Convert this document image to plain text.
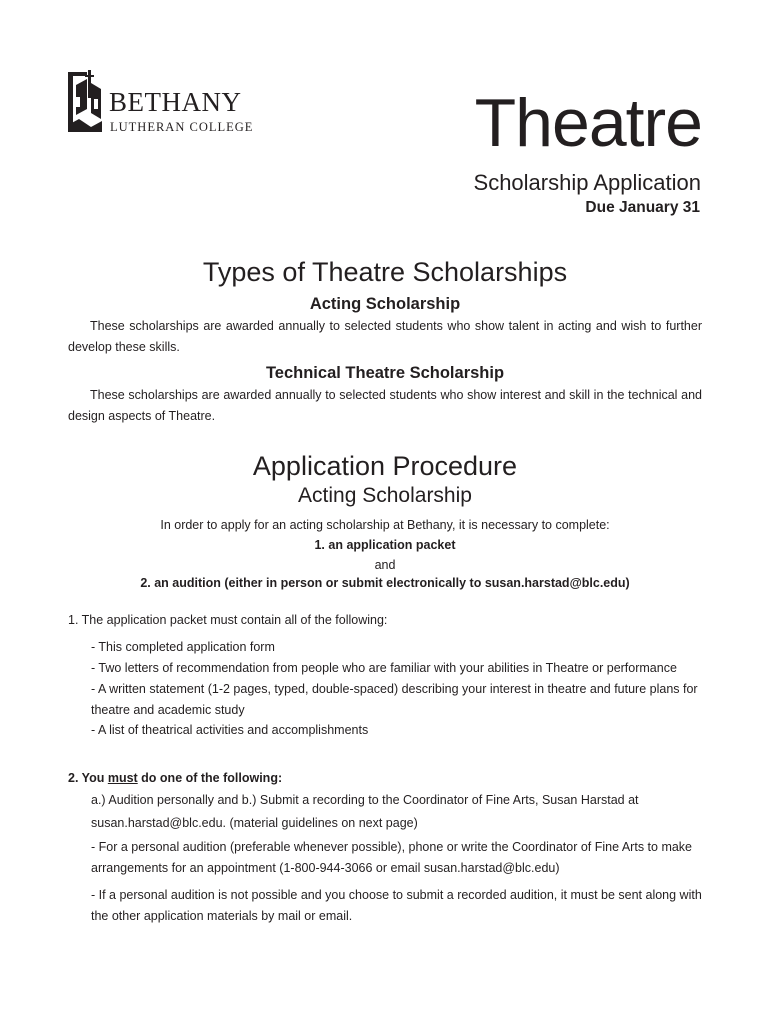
BETHANY
LUTHERAN COLLEGE	Theatre
Scholarship Application
Due January 31
Types of Theatre Scholarships
Acting Scholarship

These scholarships are awarded annually to selected students who show talent in acting and wish to further develop these skills.

Technical Theatre Scholarship

These scholarships are awarded annually to selected students who show interest and skill in the technical and design aspects of Theatre.

Application Procedure
Acting Scholarship

In order to apply for an acting scholarship at Bethany, it is necessary to complete:

1. an application packet

and

2. an audition (either in person or submit electronically to susan.harstad@blc.edu)

1. The application packet must contain all of the following:

- This completed application form

- Two letters of recommendation from people who are familiar with your abilities in Theatre or performance

- A written statement (1-2 pages, typed, double-spaced) describing your interest in theatre and future plans for theatre and academic study

- A list of theatrical activities and accomplishments

2. You must do one of the following:

a.) Audition personally and b.) Submit a recording to the Coordinator of Fine Arts, Susan Harstad at susan.harstad@blc.edu. (material guidelines on next page)

- For a personal audition (preferable whenever possible), phone or write the Coordinator of Fine Arts to make arrangements for an appointment (1-800-944-3066 or email susan.harstad@blc.edu)

- If a personal audition is not possible and you choose to submit a recorded audition, it must be sent along with the other application materials by mail or email.
